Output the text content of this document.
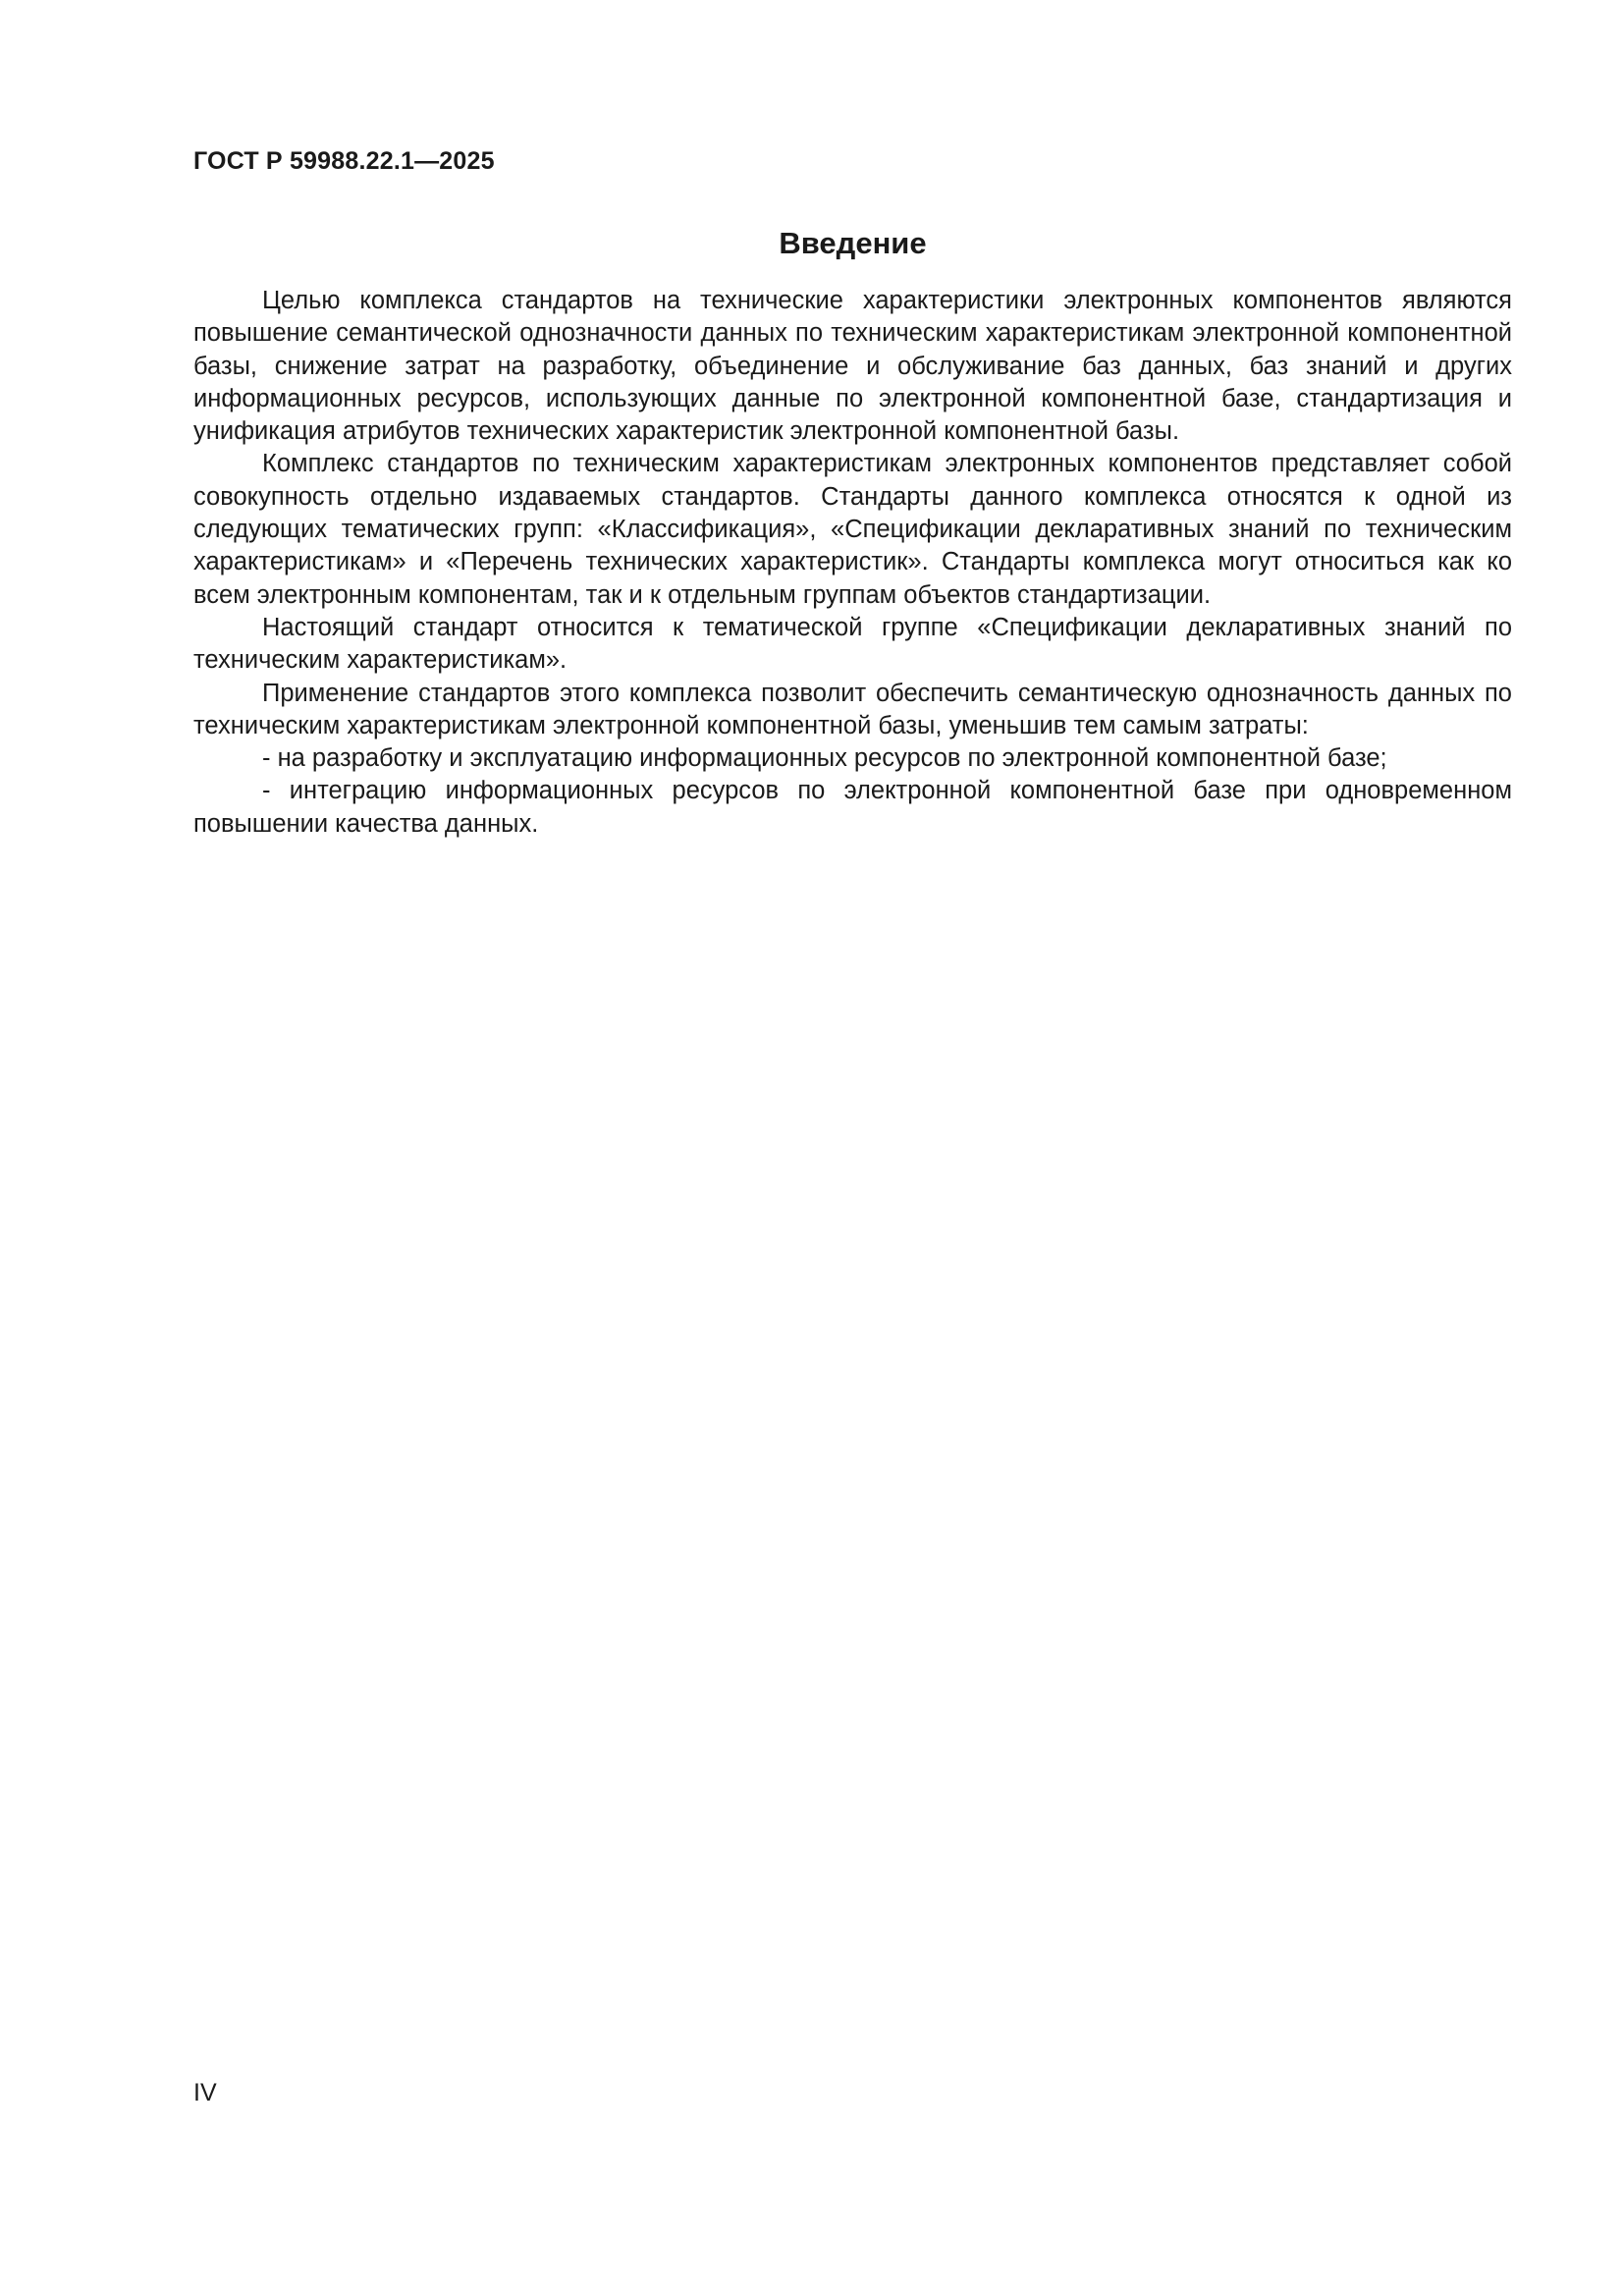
ГОСТ Р 59988.22.1—2025
Введение

Целью комплекса стандартов на технические характеристики электронных компонентов являются повышение семантической однозначности данных по техническим характеристикам электронной компонентной базы, снижение затрат на разработку, объединение и обслуживание баз данных, баз знаний и других информационных ресурсов, использующих данные по электронной компонентной базе, стандартизация и унификация атрибутов технических характеристик электронной компонентной базы.

Комплекс стандартов по техническим характеристикам электронных компонентов представляет собой совокупность отдельно издаваемых стандартов. Стандарты данного комплекса относятся к одной из следующих тематических групп: «Классификация», «Спецификации декларативных знаний по техническим характеристикам» и «Перечень технических характеристик». Стандарты комплекса могут относиться как ко всем электронным компонентам, так и к отдельным группам объектов стандартизации.

Настоящий стандарт относится к тематической группе «Спецификации декларативных знаний по техническим характеристикам».

Применение стандартов этого комплекса позволит обеспечить семантическую однозначность данных по техническим характеристикам электронной компонентной базы, уменьшив тем самым затраты:

- на разработку и эксплуатацию информационных ресурсов по электронной компонентной базе;

- интеграцию информационных ресурсов по электронной компонентной базе при одновременном повышении качества данных.

IV
